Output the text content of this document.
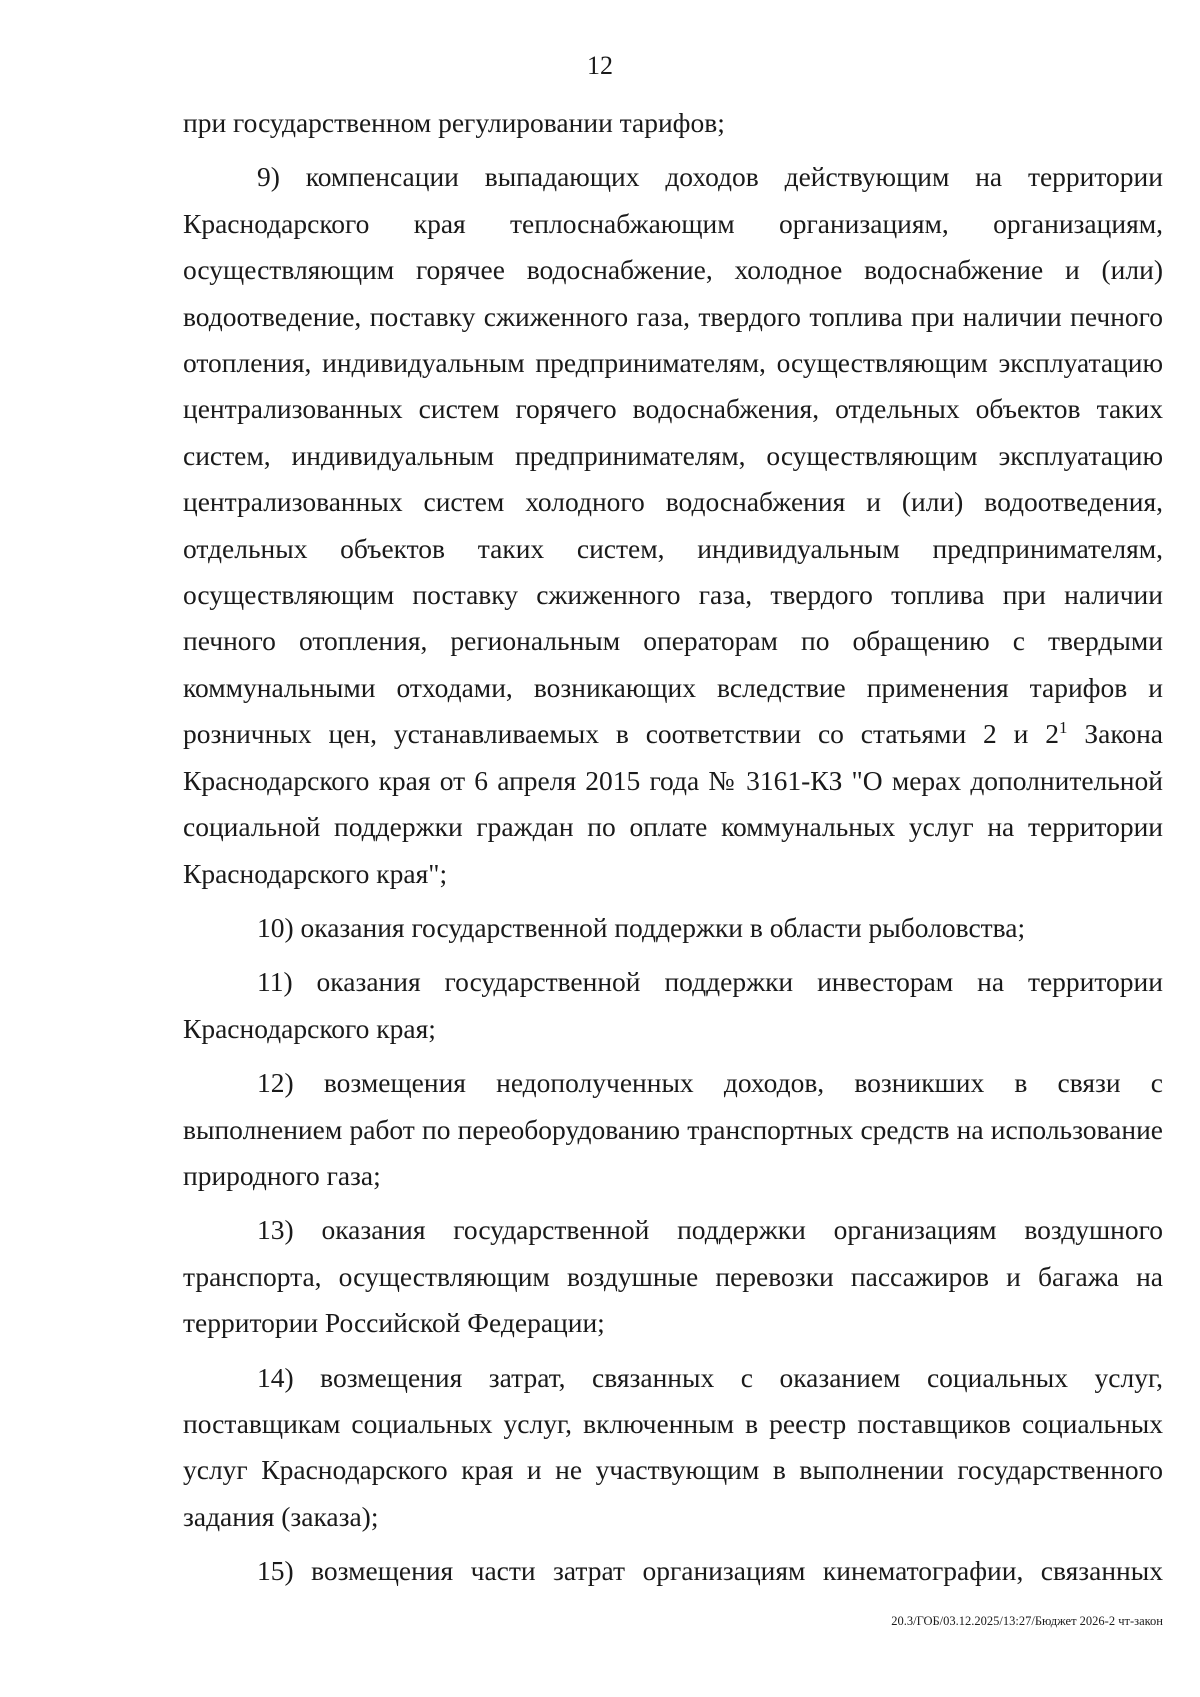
12

при государственном регулировании тарифов;

9) компенсации выпадающих доходов действующим на территории Краснодарского края теплоснабжающим организациям, организациям, осуществляющим горячее водоснабжение, холодное водоснабжение и (или) водоотведение, поставку сжиженного газа, твердого топлива при наличии печного отопления, индивидуальным предпринимателям, осуществляющим эксплуатацию централизованных систем горячего водоснабжения, отдельных объектов таких систем, индивидуальным предпринимателям, осуществляющим эксплуатацию централизованных систем холодного водоснабжения и (или) водоотведения, отдельных объектов таких систем, индивидуальным предпринимателям, осуществляющим поставку сжиженного газа, твердого топлива при наличии печного отопления, региональным операторам по обращению с твердыми коммунальными отходами, возникающих вследствие применения тарифов и розничных цен, устанавливаемых в соответствии со статьями 2 и $2^1$ Закона Краснодарского края от 6 апреля 2015 года № 3161-КЗ "О мерах дополнительной социальной поддержки граждан по оплате коммунальных услуг на территории Краснодарского края";

10) оказания государственной поддержки в области рыболовства;

11) оказания государственной поддержки инвесторам на территории Краснодарского края;

12) возмещения недополученных доходов, возникших в связи с выполнением работ по переоборудованию транспортных средств на использование природного газа;

13) оказания государственной поддержки организациям воздушного транспорта, осуществляющим воздушные перевозки пассажиров и багажа на территории Российской Федерации;

14) возмещения затрат, связанных с оказанием социальных услуг, поставщикам социальных услуг, включенным в реестр поставщиков социальных услуг Краснодарского края и не участвующим в выполнении государственного задания (заказа);

15) возмещения части затрат организациям кинематографии, связанных

20.3/ГОБ/03.12.2025/13:27/Бюджет 2026-2 чт-закон
